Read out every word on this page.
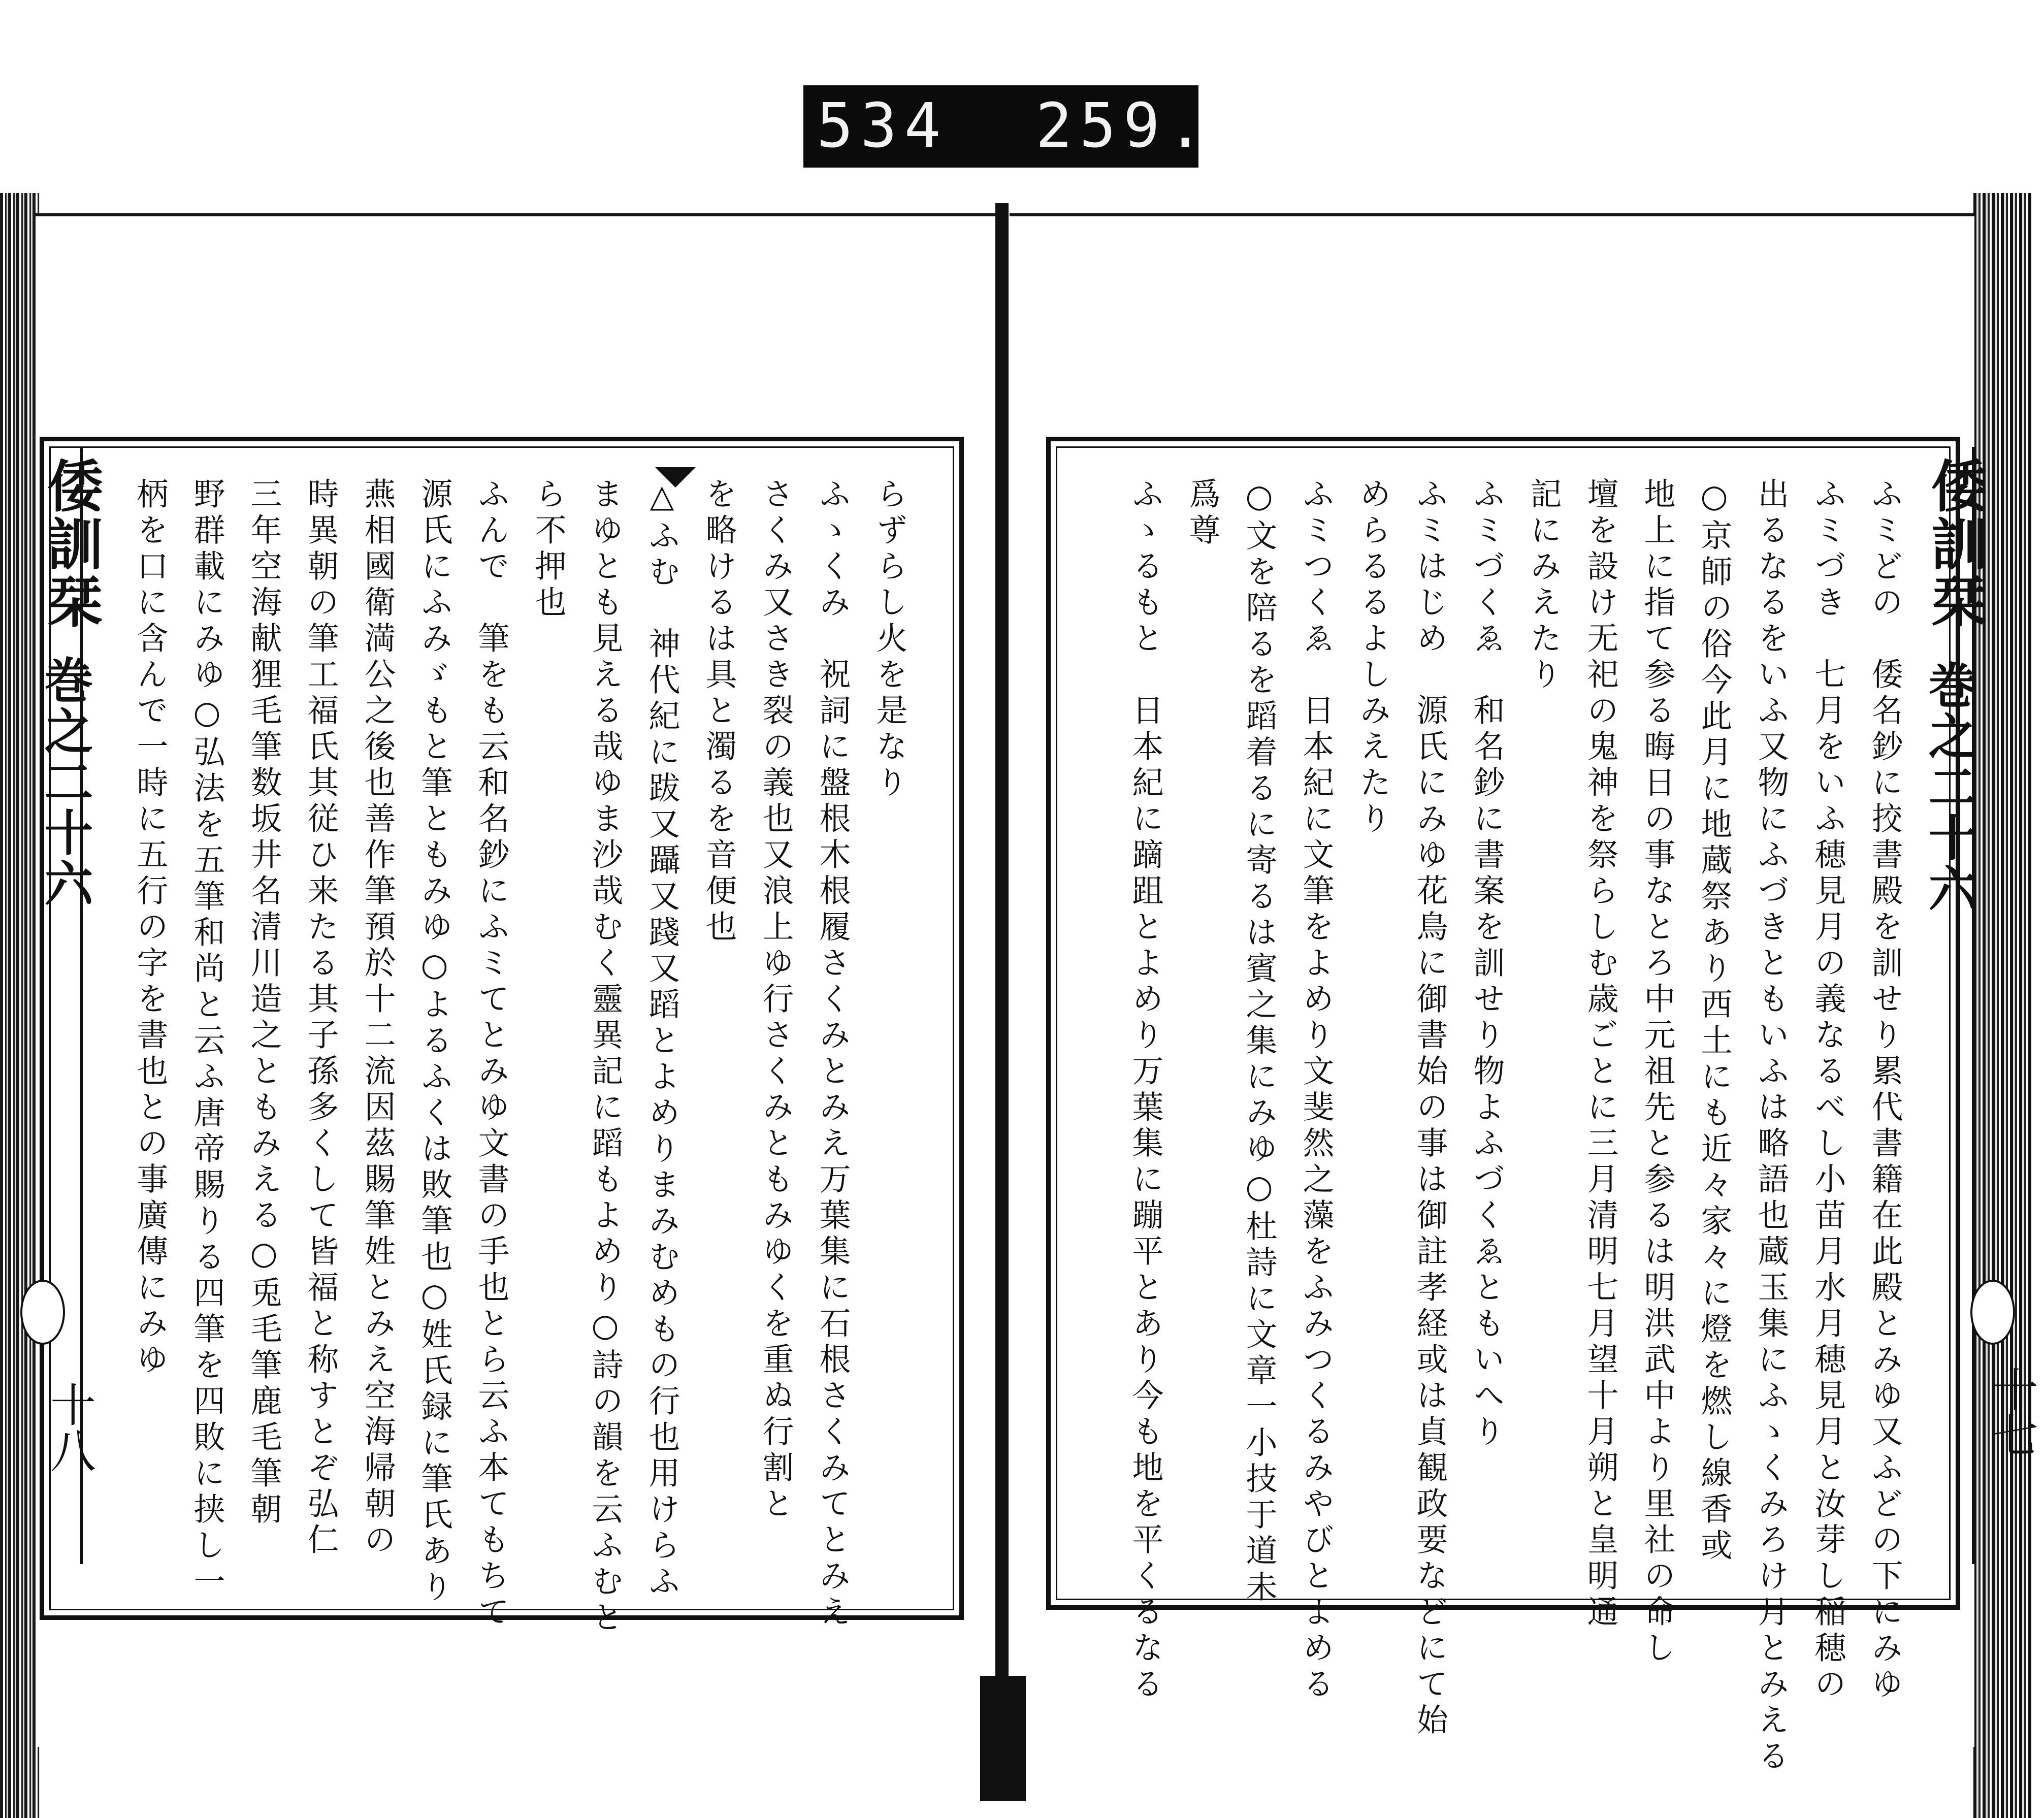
534  259.
倭訓栞
巻之二十六
十八
倭訓栞
巻之二十六
十七
らずらし火を是なり
ふゝくみ　祝詞に盤根木根履さくみとみえ万葉集に石根さくみてとみえ
さくみ又さき裂の義也又浪上ゆ行さくみともみゆくを重ぬ行割と
を略けるは具と濁るを音便也
△ふむ　神代紀に跋又躡又踐又蹈とよめりまみむめもの行也用けらふ
まゆとも見える哉ゆま沙哉むく靈異記に蹈もよめり○詩の韻を云ふむと
ら不押也
ふんで　筆をも云和名鈔にふミてとみゆ文書の手也とら云ふ本てもちて
源氏にふみゞもと筆ともみゆ○よるふくは敗筆也○姓氏録に筆氏あり
燕相國衛満公之後也善作筆預於十二流因茲賜筆姓とみえ空海帰朝の
時異朝の筆工福氏其従ひ来たる其子孫多くして皆福と称すとぞ弘仁
三年空海献狸毛筆数坂井名清川造之ともみえる○兎毛筆鹿毛筆朝
野群載にみゆ○弘法を五筆和尚と云ふ唐帝賜りる四筆を四敗に挟し一
柄を口に含んで一時に五行の字を書也との事廣傳にみゆ	ふミどの　倭名鈔に挍書殿を訓せり累代書籍在此殿とみゆ又ふどの下にみゆ
ふミづき　七月をいふ穂見月の義なるべし小苗月水月穂見月と汝芽し稲穂の
出るなるをいふ又物にふづきともいふは略語也蔵玉集にふゝくみろけ月とみえる
○京師の俗今此月に地蔵祭あり西土にも近々家々に燈を燃し線香或
地上に指て参る晦日の事なとろ中元祖先と参るは明洪武中より里社の命し
壇を設け无祀の鬼神を祭らしむ歳ごとに三月清明七月望十月朔と皇明通
記にみえたり
ふミづくゑ　和名鈔に書案を訓せり物よふづくゑともいへり
ふミはじめ　源氏にみゆ花鳥に御書始の事は御註孝経或は貞観政要などにて始
めらるるよしみえたり
ふミつくゑ　日本紀に文筆をよめり文斐然之藻をふみつくるみやびとよめる
○文を陪るを蹈着るに寄るは賓之集にみゆ○杜詩に文章一小技于道未
爲尊
ふゝるもと　日本紀に蹢跙とよめり万葉集に蹦平とあり今も地を平くるなる
